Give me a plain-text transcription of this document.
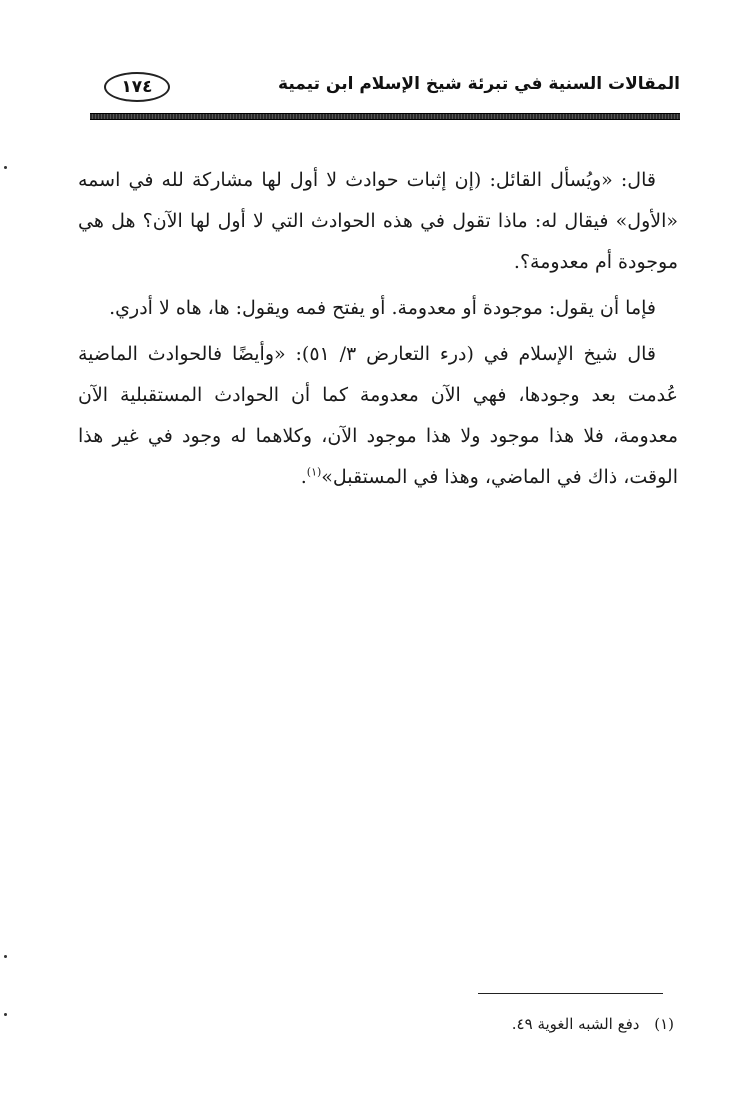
المقالات السنية في تبرئة شيخ الإسلام ابن تيمية
١٧٤

قال: «ويُسأل القائل: (إن إثبات حوادث لا أول لها مشاركة لله في اسمه «الأول» فيقال له: ماذا تقول في هذه الحوادث التي لا أول لها الآن؟ هل هي موجودة أم معدومة؟.

فإما أن يقول: موجودة أو معدومة. أو يفتح فمه ويقول: ها، هاه لا أدري.

قال شيخ الإسلام في (درء التعارض ٣/ ٥١): «وأيضًا فالحوادث الماضية عُدمت بعد وجودها، فهي الآن معدومة كما أن الحوادث المستقبلية الآن معدومة، فلا هذا موجود ولا هذا موجود الآن، وكلاهما له وجود في غير هذا الوقت، ذاك في الماضي، وهذا في المستقبل»$^{(١)}$.

(١) دفع الشبه الغوية ٤٩.
